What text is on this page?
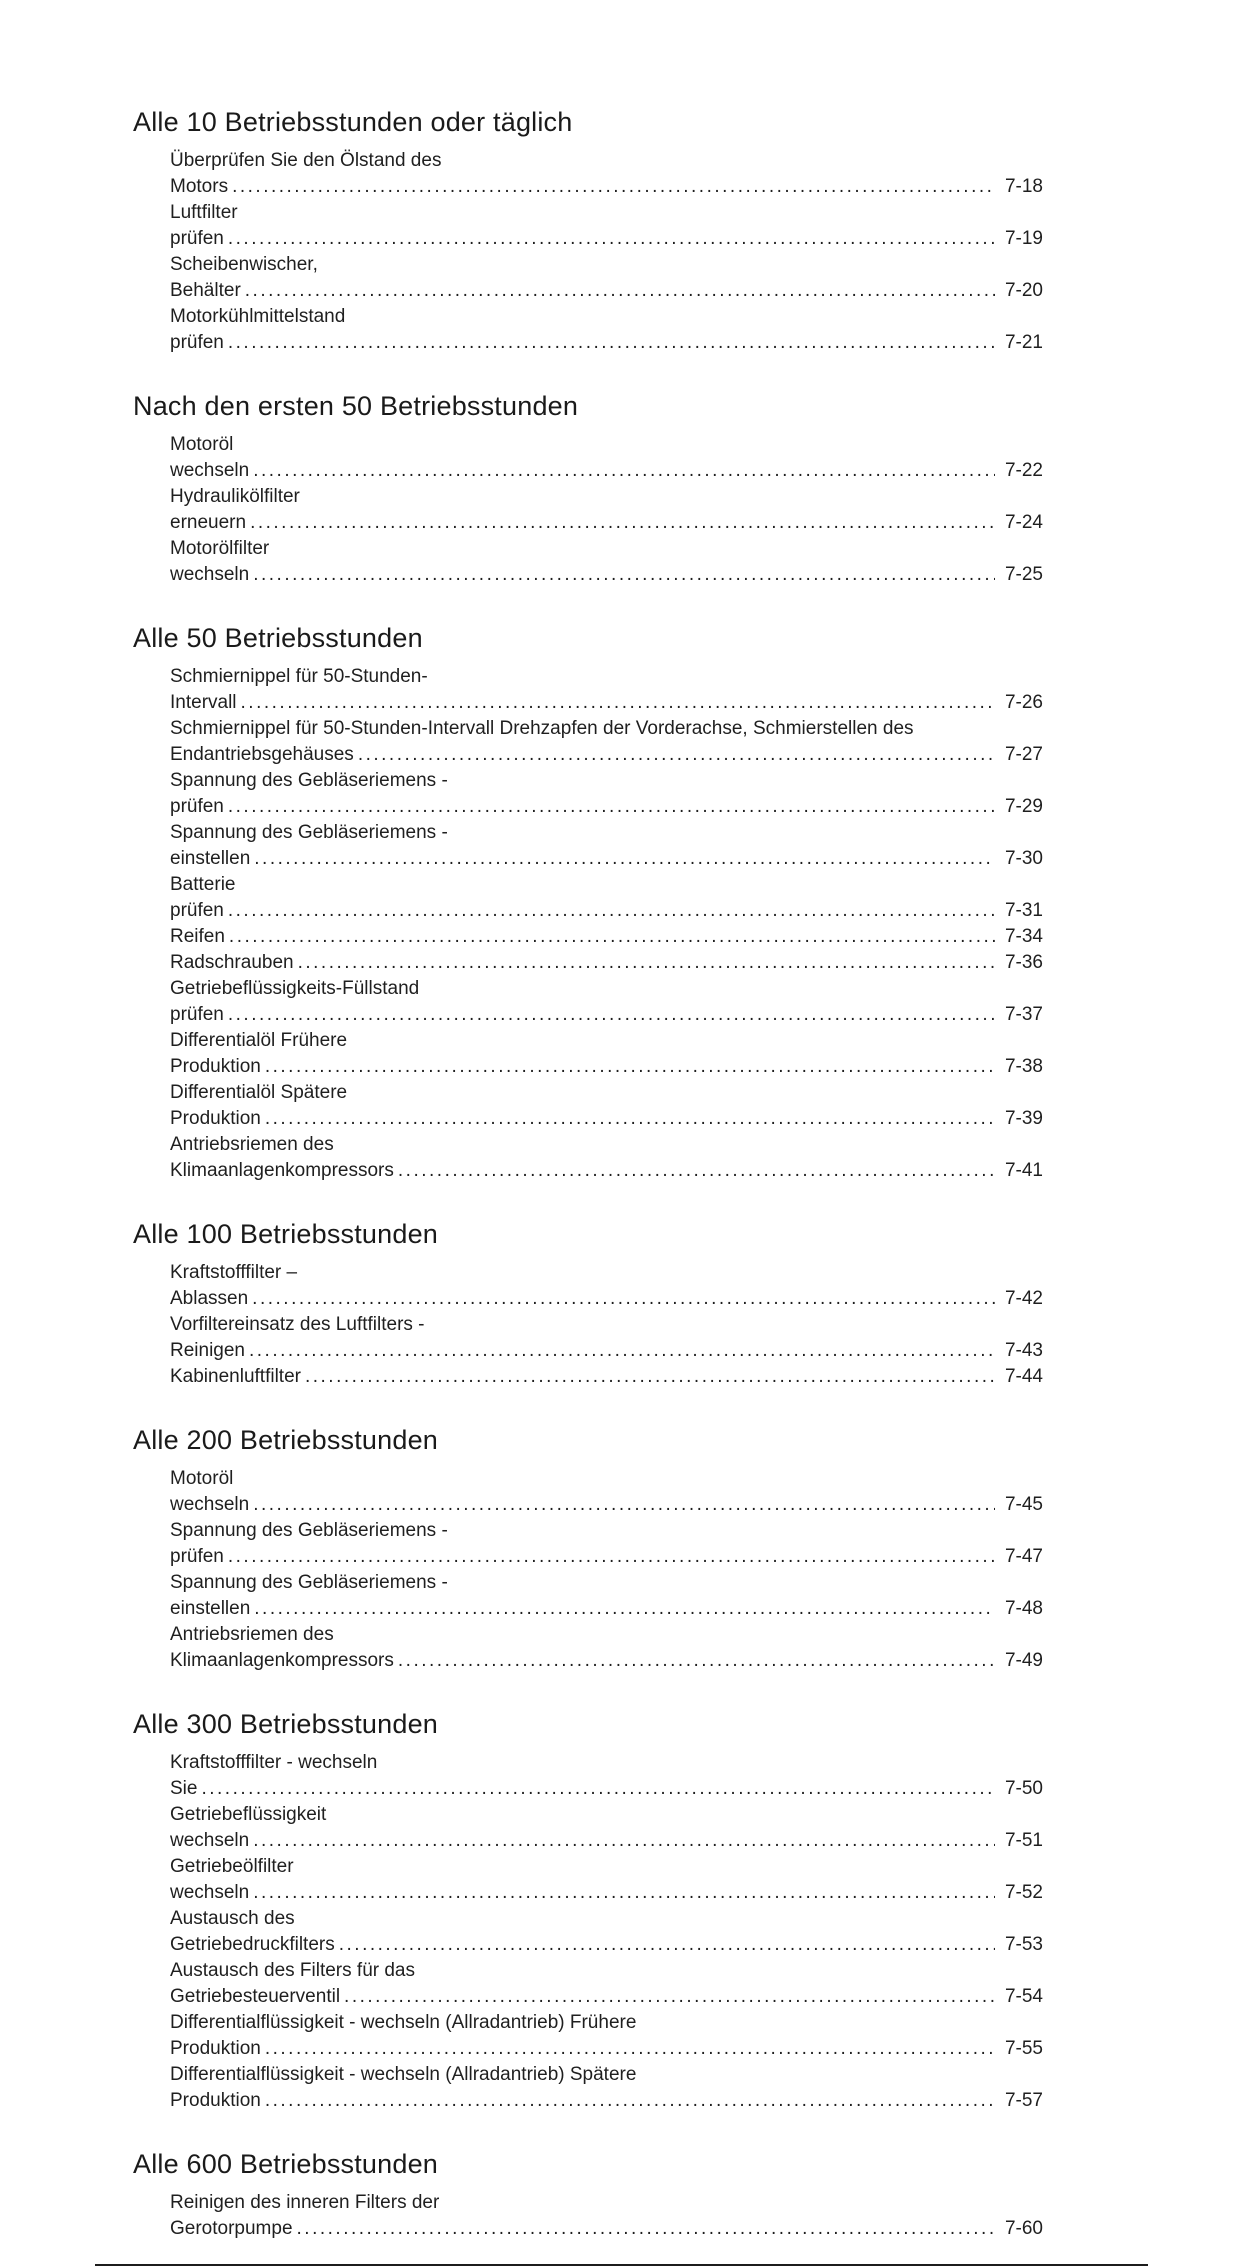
Alle 10 Betriebsstunden oder täglich
Überprüfen Sie den Ölstand des Motors .....	7-18
Luftfilter prüfen .....	7-19
Scheibenwischer, Behälter .....	7-20
Motorkühlmittelstand prüfen .....	7-21
Nach den ersten 50 Betriebsstunden
Motoröl wechseln .....	7-22
Hydraulikölfilter erneuern .....	7-24
Motorölfilter wechseln .....	7-25
Alle 50 Betriebsstunden
Schmiernippel für 50-Stunden-Intervall .....	7-26
Schmiernippel für 50-Stunden-Intervall Drehzapfen der Vorderachse, Schmierstellen des Endantriebsgehäuses .....	7-27
Spannung des Gebläseriemens - prüfen .....	7-29
Spannung des Gebläseriemens - einstellen .....	7-30
Batterie prüfen .....	7-31
Reifen .....	7-34
Radschrauben .....	7-36
Getriebeflüssigkeits-Füllstand prüfen .....	7-37
Differentialöl Frühere Produktion .....	7-38
Differentialöl Spätere Produktion .....	7-39
Antriebsriemen des Klimaanlagenkompressors .....	7-41
Alle 100 Betriebsstunden
Kraftstofffilter – Ablassen .....	7-42
Vorfiltereinsatz des Luftfilters - Reinigen .....	7-43
Kabinenluftfilter .....	7-44
Alle 200 Betriebsstunden
Motoröl wechseln .....	7-45
Spannung des Gebläseriemens - prüfen .....	7-47
Spannung des Gebläseriemens - einstellen .....	7-48
Antriebsriemen des Klimaanlagenkompressors .....	7-49
Alle 300 Betriebsstunden
Kraftstofffilter - wechseln Sie .....	7-50
Getriebeflüssigkeit wechseln .....	7-51
Getriebeölfilter wechseln .....	7-52
Austausch des Getriebedruckfilters .....	7-53
Austausch des Filters für das Getriebesteuerventil .....	7-54
Differentialflüssigkeit - wechseln (Allradantrieb) Frühere Produktion .....	7-55
Differentialflüssigkeit - wechseln (Allradantrieb) Spätere Produktion .....	7-57
Alle 600 Betriebsstunden
Reinigen des inneren Filters der Gerotorpumpe .....	7-60
